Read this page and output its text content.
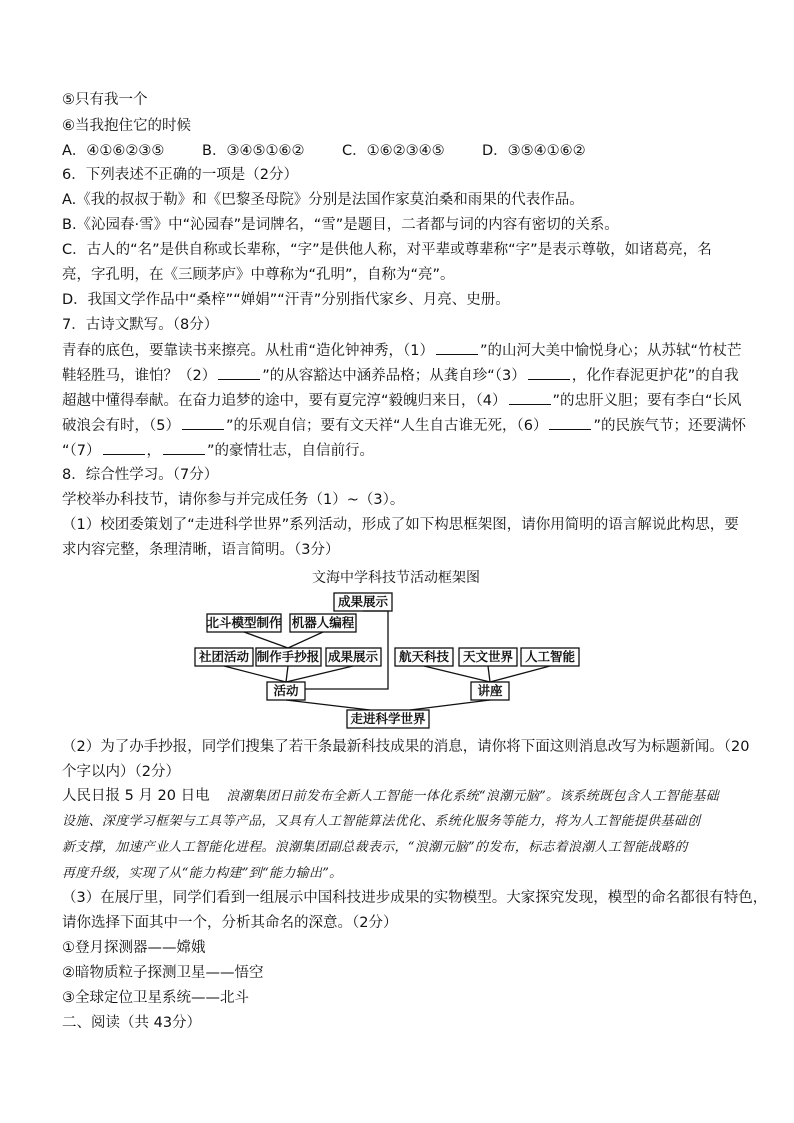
⑤只有我一个
⑥当我抱住它的时候
A．④①⑥②③⑤	B．③④⑤①⑥②	C．①⑥②③④⑤	D．③⑤④①⑥②
6．下列表述不正确的一项是（2分）
A.《我的叔叔于勒》和《巴黎圣母院》分别是法国作家莫泊桑和雨果的代表作品。
B.《沁园春·雪》中“沁园春”是词牌名，“雪”是题目，二者都与词的内容有密切的关系。
C．古人的“名”是供自称或长辈称，“字”是供他人称，对平辈或尊辈称“字”是表示尊敬，如诸葛亮，名
亮，字孔明，在《三顾茅庐》中尊称为“孔明”，自称为“亮”。
D．我国文学作品中“桑梓”“婵娟”“汗青”分别指代家乡、月亮、史册。
7．古诗文默写。（8分）
青春的底色，要靠读书来擦亮。从杜甫“造化钟神秀，（1）	”的山河大美中愉悦身心；从苏轼“竹杖芒
鞋轻胜马，谁怕？（2）	”的从容豁达中涵养品格；从龚自珍“（3）	，化作春泥更护花”的自我
超越中懂得奉献。在奋力追梦的途中，要有夏完淳“毅魄归来日，（4）	”的忠肝义胆；要有李白“长风
破浪会有时，（5）	”的乐观自信；要有文天祥“人生自古谁无死，（6）	”的民族气节；还要满怀
“（7）	，	”的豪情壮志，自信前行。
8．综合性学习。（7分）
学校举办科技节，请你参与并完成任务（1）~（3）。
（1）校团委策划了“走进科学世界”系列活动，形成了如下构思框架图，请你用简明的语言解说此构思，要
求内容完整，条理清晰，语言简明。（3分）
文海中学科技节活动框架图
北斗模型制作 机器人编程
成果展示
社团活动 制作手抄报 成果展示 航天科技 天文世界 人工智能
活动	讲座
走进科学世界
（2）为了办手抄报，同学们搜集了若干条最新科技成果的消息，请你将下面这则消息改写为标题新闻。（20
个字以内）（2分）
人民日报 5 月 20 日电 浪潮集团日前发布全新人工智能一体化系统“浪潮元脑”。该系统既包含人工智能基础
设施、深度学习框架与工具等产品，又具有人工智能算法优化、系统化服务等能力，将为人工智能提供基础创
新支撑，加速产业人工智能化进程。浪潮集团副总裁表示，“浪潮元脑”的发布，标志着浪潮人工智能战略的
再度升级，实现了从“能力构建”到“能力输出”。
（3）在展厅里，同学们看到一组展示中国科技进步成果的实物模型。大家探究发现，模型的命名都很有特色，
请你选择下面其中一个，分析其命名的深意。（2分）
①登月探测器——嫦娥
②暗物质粒子探测卫星——悟空
③全球定位卫星系统——北斗
二、阅读（共 43分）
